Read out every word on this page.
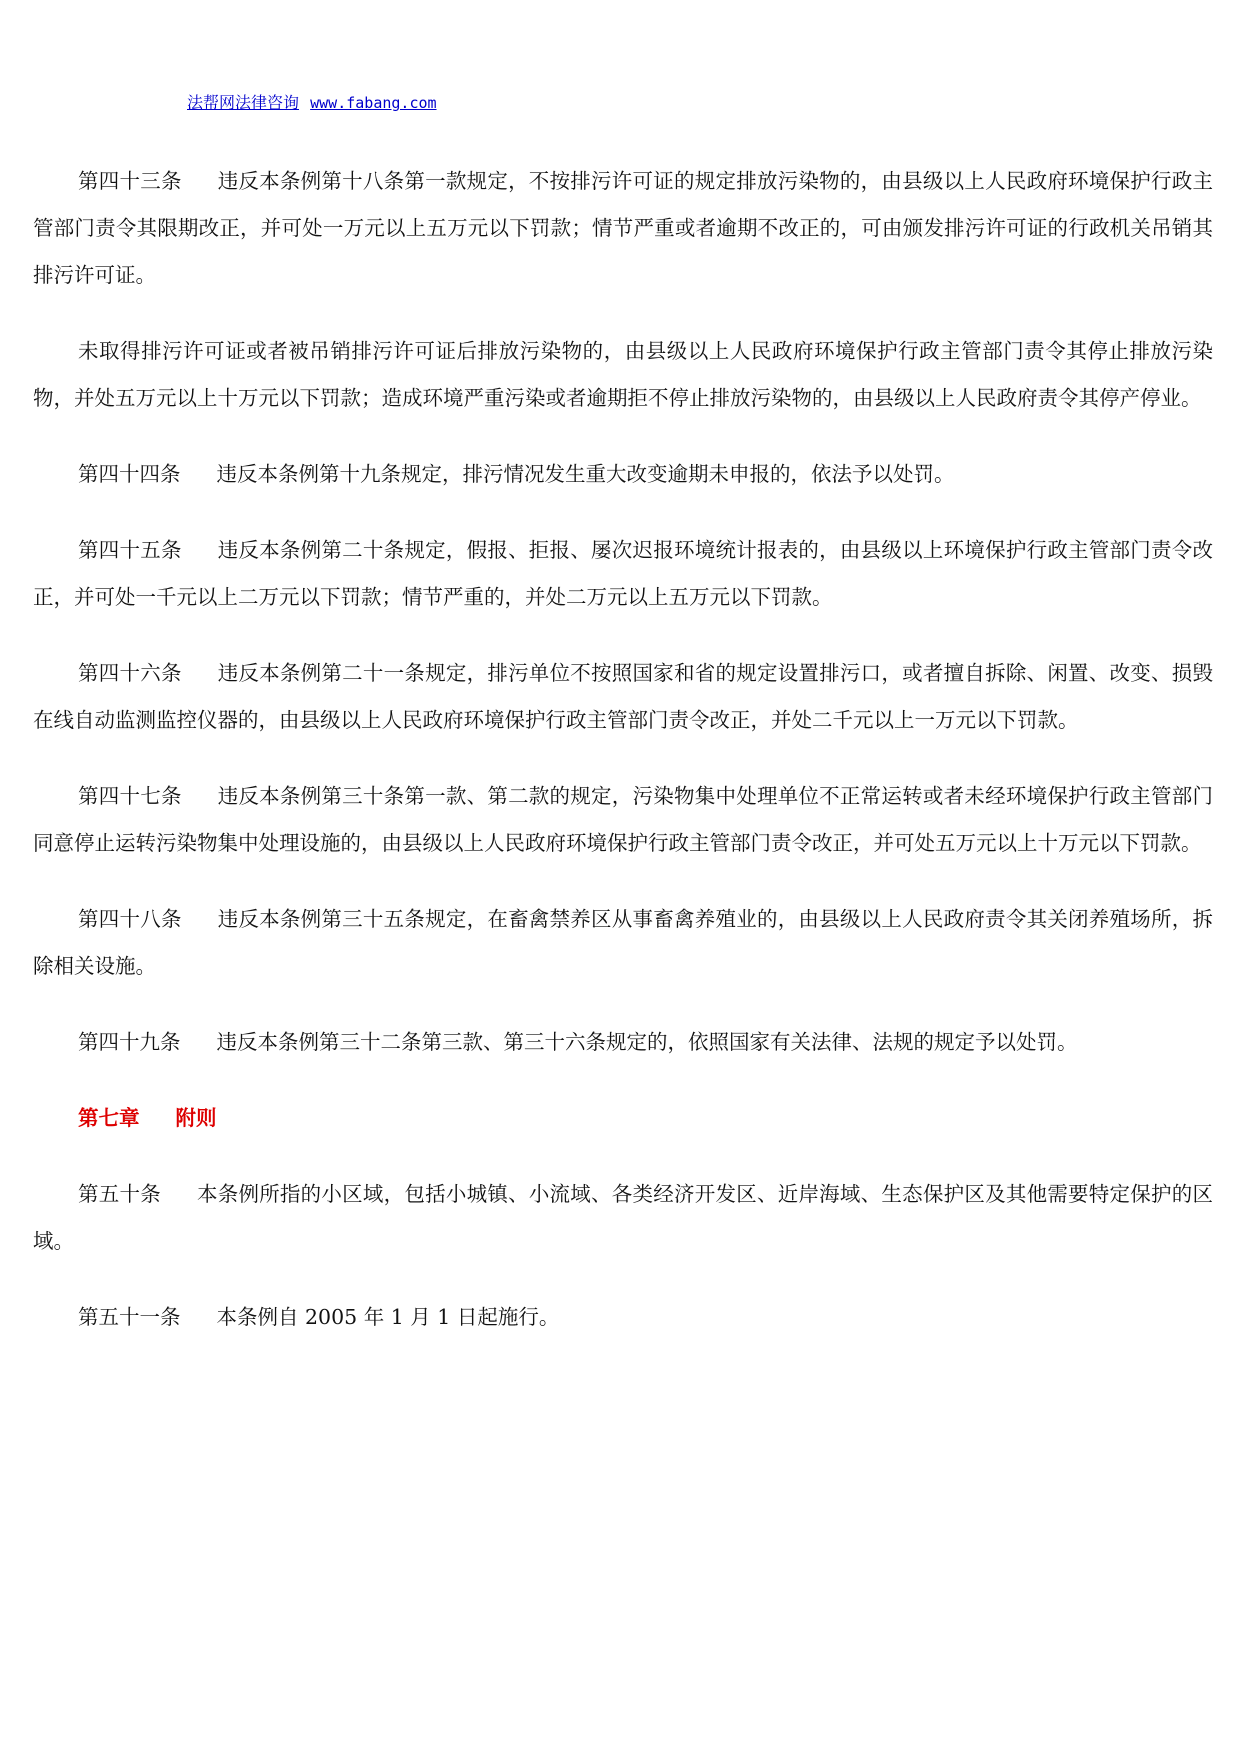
法帮网法律咨询 www.fabang.com

第四十三条 违反本条例第十八条第一款规定，不按排污许可证的规定排放污染物的，由县级以上人民政府环境保护行政主管部门责令其限期改正，并可处一万元以上五万元以下罚款；情节严重或者逾期不改正的，可由颁发排污许可证的行政机关吊销其排污许可证。

未取得排污许可证或者被吊销排污许可证后排放污染物的，由县级以上人民政府环境保护行政主管部门责令其停止排放污染物，并处五万元以上十万元以下罚款；造成环境严重污染或者逾期拒不停止排放污染物的，由县级以上人民政府责令其停产停业。

第四十四条 违反本条例第十九条规定，排污情况发生重大改变逾期未申报的，依法予以处罚。

第四十五条 违反本条例第二十条规定，假报、拒报、屡次迟报环境统计报表的，由县级以上环境保护行政主管部门责令改正，并可处一千元以上二万元以下罚款；情节严重的，并处二万元以上五万元以下罚款。

第四十六条 违反本条例第二十一条规定，排污单位不按照国家和省的规定设置排污口，或者擅自拆除、闲置、改变、损毁在线自动监测监控仪器的，由县级以上人民政府环境保护行政主管部门责令改正，并处二千元以上一万元以下罚款。

第四十七条 违反本条例第三十条第一款、第二款的规定，污染物集中处理单位不正常运转或者未经环境保护行政主管部门同意停止运转污染物集中处理设施的，由县级以上人民政府环境保护行政主管部门责令改正，并可处五万元以上十万元以下罚款。

第四十八条 违反本条例第三十五条规定，在畜禽禁养区从事畜禽养殖业的，由县级以上人民政府责令其关闭养殖场所，拆除相关设施。

第四十九条 违反本条例第三十二条第三款、第三十六条规定的，依照国家有关法律、法规的规定予以处罚。

第七章 附则

第五十条 本条例所指的小区域，包括小城镇、小流域、各类经济开发区、近岸海域、生态保护区及其他需要特定保护的区域。

第五十一条 本条例自 2005 年 1 月 1 日起施行。
